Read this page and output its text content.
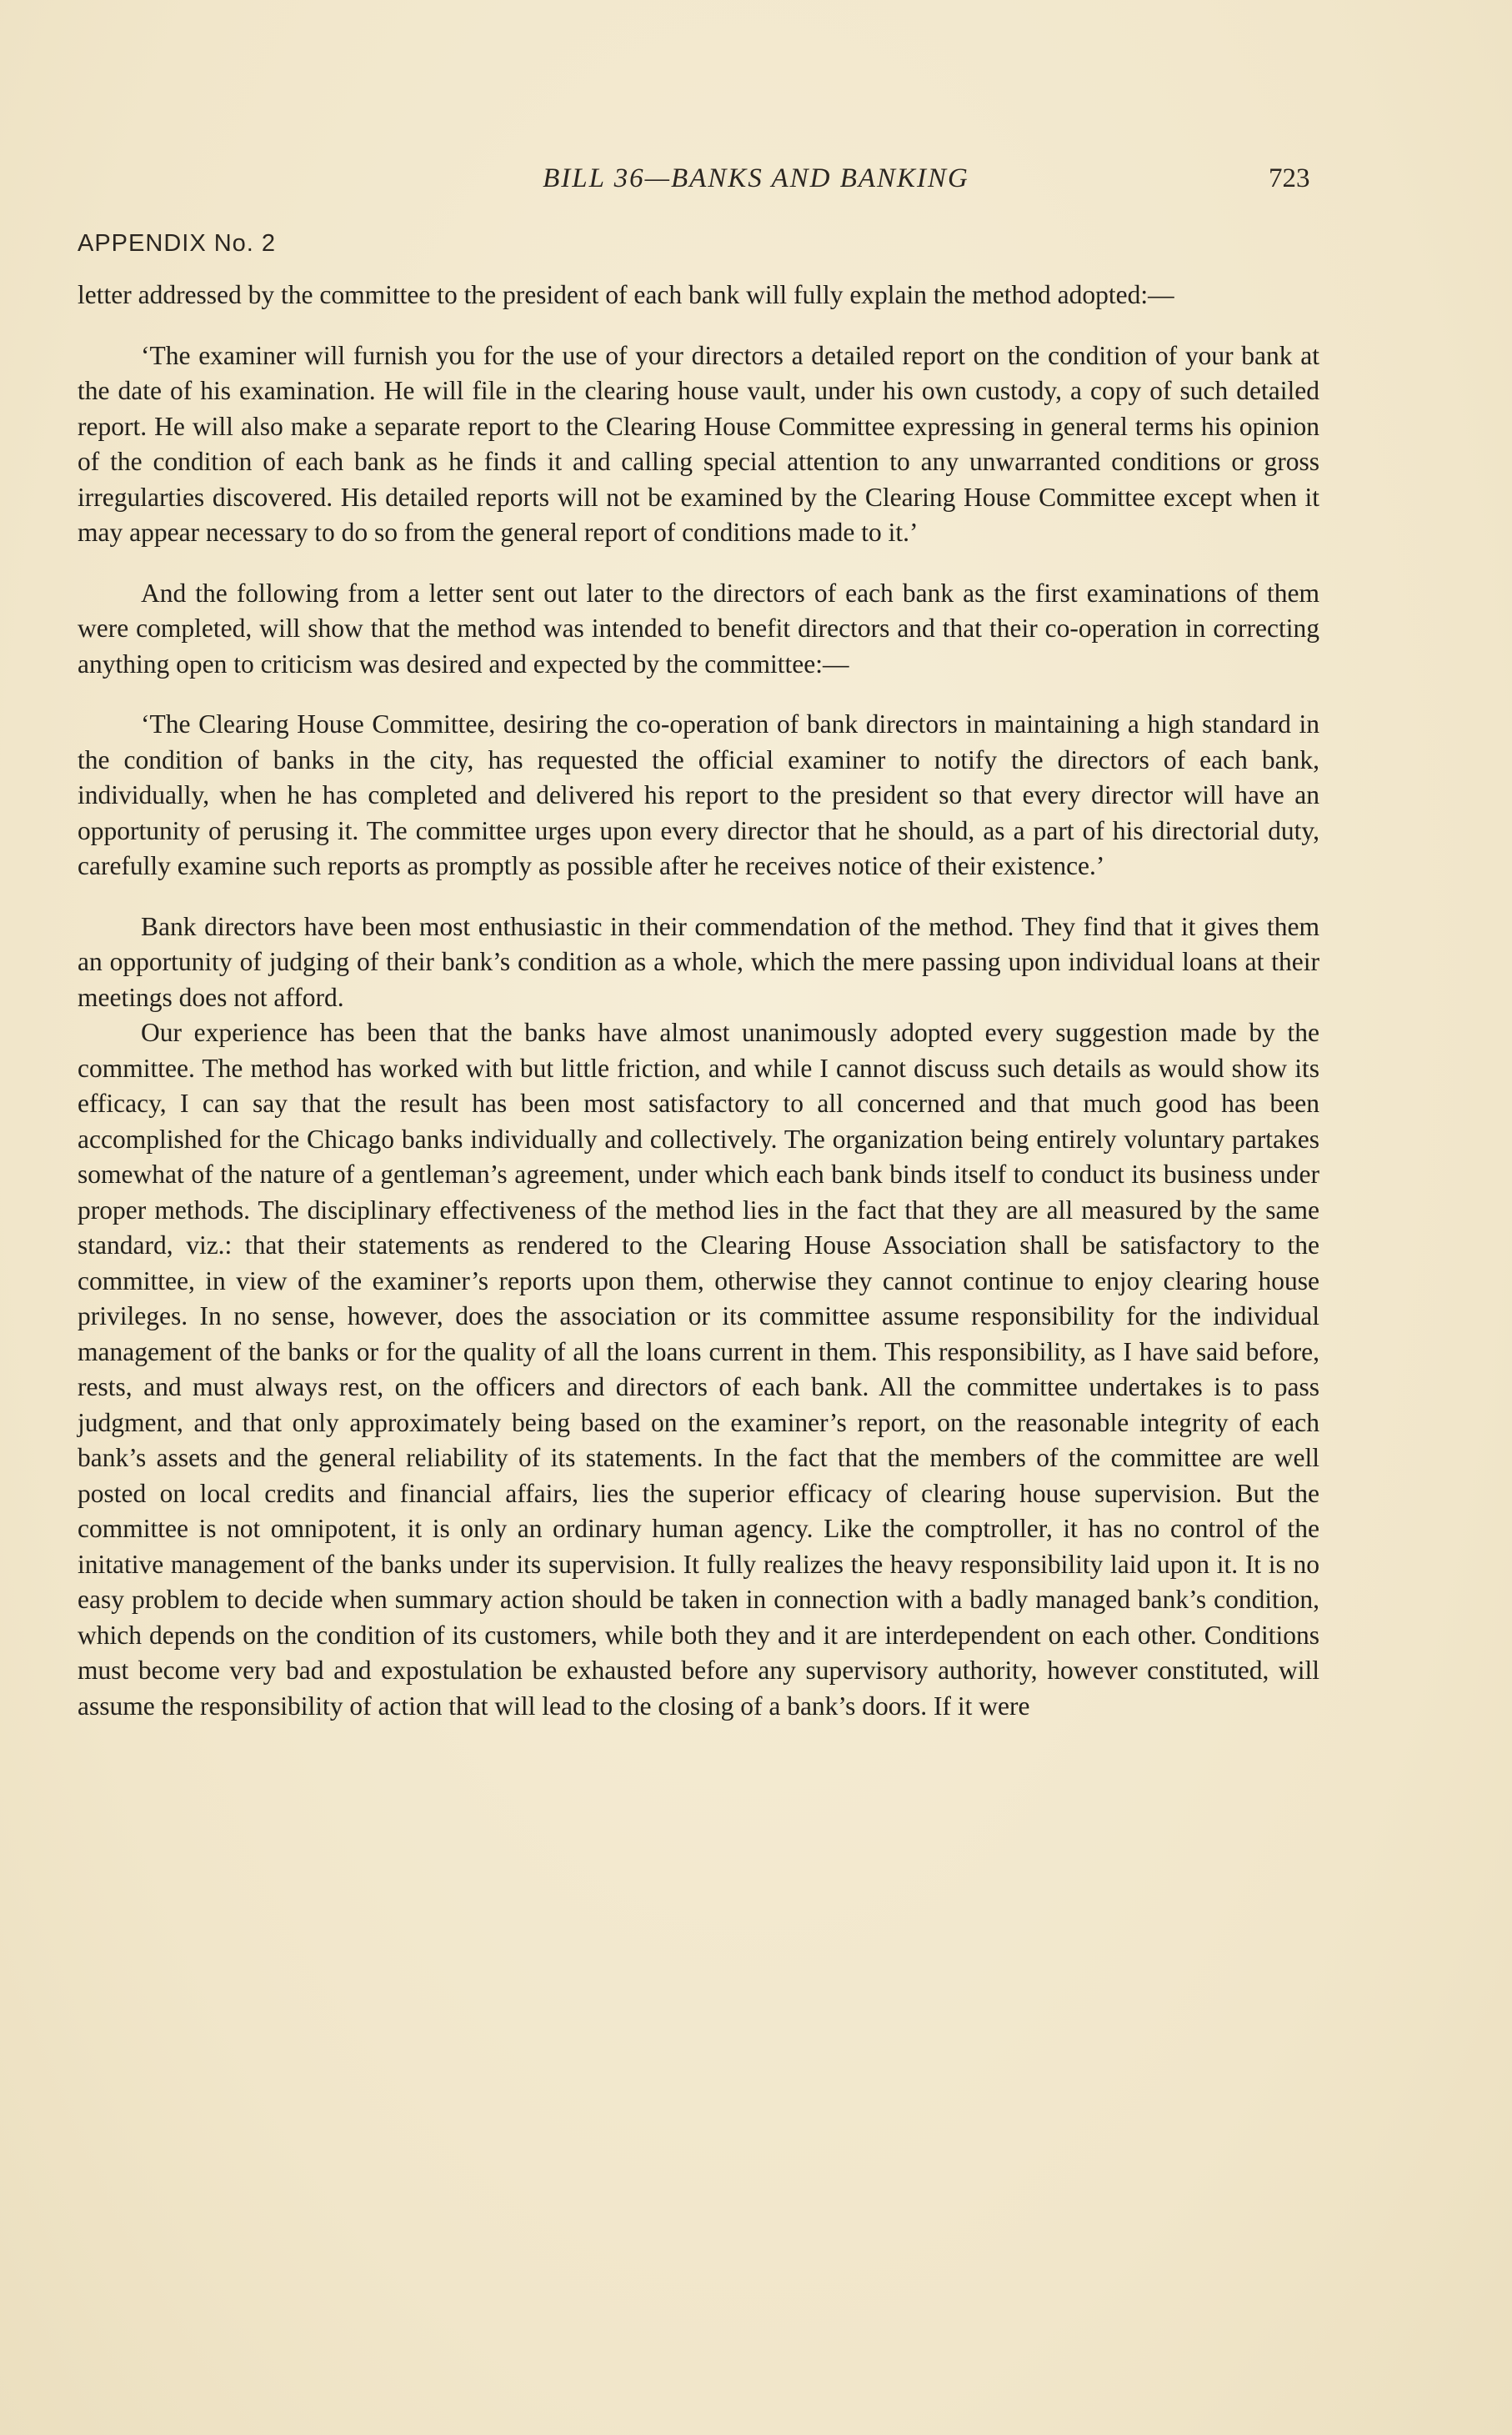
BILL 36—BANKS AND BANKING	723
APPENDIX No. 2

letter addressed by the committee to the president of each bank will fully explain the method adopted:—

‘The examiner will furnish you for the use of your directors a detailed report on the condition of your bank at the date of his examination. He will file in the clearing house vault, under his own custody, a copy of such detailed report. He will also make a separate report to the Clearing House Committee expressing in general terms his opinion of the condition of each bank as he finds it and calling special attention to any unwarranted conditions or gross irregularties discovered. His detailed reports will not be examined by the Clearing House Committee except when it may appear necessary to do so from the general report of conditions made to it.’

And the following from a letter sent out later to the directors of each bank as the first examinations of them were completed, will show that the method was intended to benefit directors and that their co-operation in correcting anything open to criticism was desired and expected by the committee:—

‘The Clearing House Committee, desiring the co-operation of bank directors in maintaining a high standard in the condition of banks in the city, has requested the official examiner to notify the directors of each bank, individually, when he has completed and delivered his report to the president so that every director will have an opportunity of perusing it. The committee urges upon every director that he should, as a part of his directorial duty, carefully examine such reports as promptly as possible after he receives notice of their existence.’

Bank directors have been most enthusiastic in their commendation of the method. They find that it gives them an opportunity of judging of their bank’s condition as a whole, which the mere passing upon individual loans at their meetings does not afford.

Our experience has been that the banks have almost unanimously adopted every suggestion made by the committee. The method has worked with but little friction, and while I cannot discuss such details as would show its efficacy, I can say that the result has been most satisfactory to all concerned and that much good has been accomplished for the Chicago banks individually and collectively. The organization being entirely voluntary partakes somewhat of the nature of a gentleman’s agreement, under which each bank binds itself to conduct its business under proper methods. The disciplinary effectiveness of the method lies in the fact that they are all measured by the same standard, viz.: that their statements as rendered to the Clearing House Association shall be satisfactory to the committee, in view of the examiner’s reports upon them, otherwise they cannot continue to enjoy clearing house privileges. In no sense, however, does the association or its committee assume responsibility for the individual management of the banks or for the quality of all the loans current in them. This responsibility, as I have said before, rests, and must always rest, on the officers and directors of each bank. All the committee undertakes is to pass judgment, and that only approximately being based on the examiner’s report, on the reasonable integrity of each bank’s assets and the general reliability of its statements. In the fact that the members of the committee are well posted on local credits and financial affairs, lies the superior efficacy of clearing house supervision. But the committee is not omnipotent, it is only an ordinary human agency. Like the comptroller, it has no control of the initative management of the banks under its supervision. It fully realizes the heavy responsibility laid upon it. It is no easy problem to decide when summary action should be taken in connection with a badly managed bank’s condition, which depends on the condition of its customers, while both they and it are interdependent on each other. Conditions must become very bad and expostulation be exhausted before any supervisory authority, however constituted, will assume the responsibility of action that will lead to the closing of a bank’s doors. If it were
